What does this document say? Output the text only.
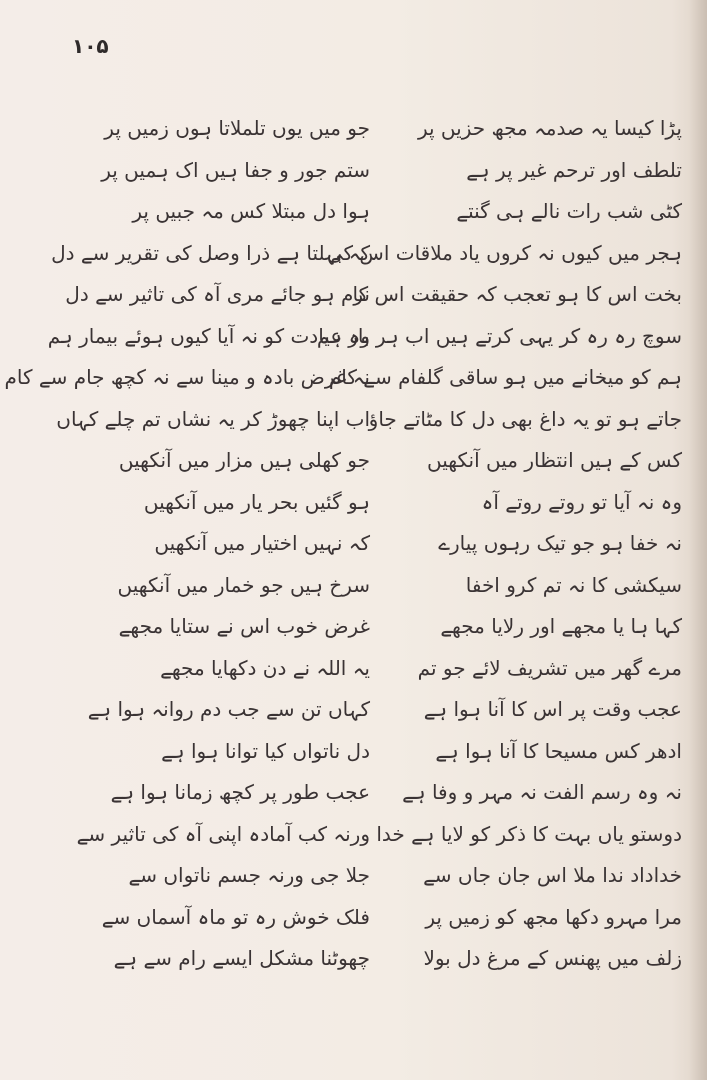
۱۰۵
پڑا کیسا یہ صدمہ مجھ حزیں پر
تلطف اور ترحم غیر پر ہے
کٹی شب رات نالے ہی گنتے
ہجر میں کیوں نہ کروں یاد ملاقات اس کی
بخت اس کا ہو تعجب کہ حقیقت اس کا
سوچ رہ رہ کر یہی کرتے ہیں اب ہر بار ہم
ہم کو میخانے میں ہو ساقی گلفام سے کام
جاتے ہو تو یہ داغ بھی دل کا مٹاتے جاؤ
کس کے ہیں انتظار میں آنکھیں
وہ نہ آیا تو روتے روتے آہ
نہ خفا ہو جو تیک رہوں پیارے
سیکشی کا نہ تم کرو اخفا
کہا ہا یا مجھے اور رلایا مجھے
مرے گھر میں تشریف لائے جو تم
عجب وقت پر اس کا آنا ہوا ہے
ادھر کس مسیحا کا آنا ہوا ہے
نہ وہ رسم الفت نہ مہر و وفا ہے
دوستو یاں بہت کا ذکر کو لایا ہے خدا
خداداد ندا ملا اس جان جاں سے
مرا مہرو دکھا مجھ کو زمیں پر
زلف میں پھنس کے مرغ دل بولا
جو میں یوں تلملاتا ہوں زمیں پر
ستم جور و جفا ہیں اک ہمیں پر
ہوا دل مبتلا کس مہ جبیں پر
کہ بہلتا ہے ذرا وصل کی تقریر سے دل
نرم ہو جائے مری آہ کی تاثیر سے دل
وہ عیادت کو نہ آیا کیوں ہوئے بیمار ہم
نہ غرض بادہ و مینا سے نہ کچھ جام سے کام
اب اپنا چھوڑ کر یہ نشاں تم چلے کہاں
جو کھلی ہیں مزار میں آنکھیں
ہو گئیں بحر یار میں آنکھیں
کہ نہیں اختیار میں آنکھیں
سرخ ہیں جو خمار میں آنکھیں
غرض خوب اس نے ستایا مجھے
یہ اللہ نے دن دکھایا مجھے
کہاں تن سے جب دم روانہ ہوا ہے
دل ناتواں کیا توانا ہوا ہے
عجب طور پر کچھ زمانا ہوا ہے
ورنہ کب آمادہ اپنی آہ کی تاثیر سے
جلا جی ورنہ جسم ناتواں سے
فلک خوش رہ تو ماہ آسماں سے
چھوٹنا مشکل ایسے رام سے ہے
